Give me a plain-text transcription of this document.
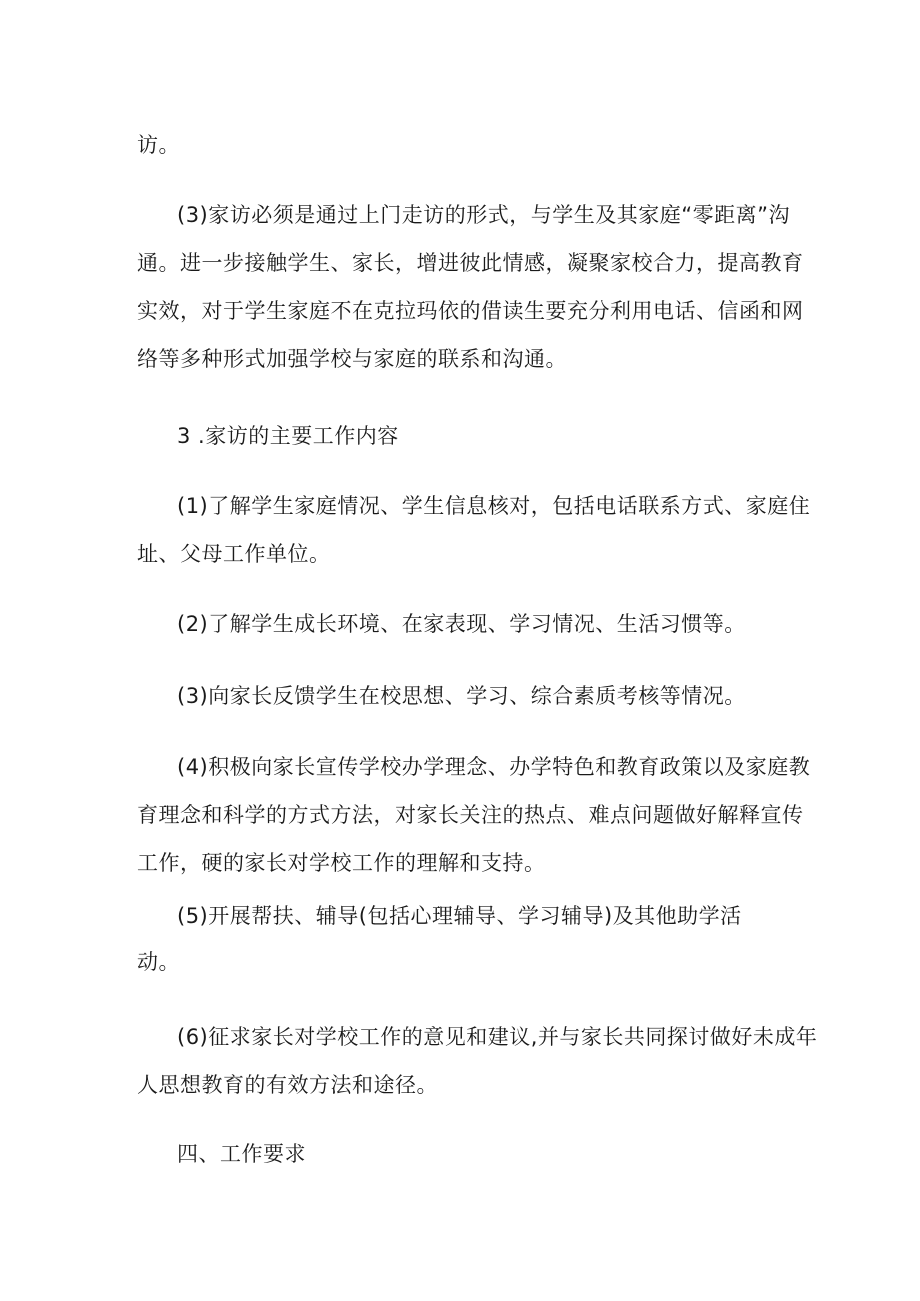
访。
(3)家访必须是通过上门走访的形式，与学生及其家庭“零距离”沟
通。进一步接触学生、家长，增进彼此情感，凝聚家校合力，提高教育
实效，对于学生家庭不在克拉玛依的借读生要充分利用电话、信函和网
络等多种形式加强学校与家庭的联系和沟通。
3 .家访的主要工作内容
(1)了解学生家庭情况、学生信息核对，包括电话联系方式、家庭住
址、父母工作单位。
(2)了解学生成长环境、在家表现、学习情况、生活习惯等。
(3)向家长反馈学生在校思想、学习、综合素质考核等情况。
(4)积极向家长宣传学校办学理念、办学特色和教育政策以及家庭教
育理念和科学的方式方法，对家长关注的热点、难点问题做好解释宣传
工作，硬的家长对学校工作的理解和支持。
(5)开展帮扶、辅导(包括心理辅导、学习辅导)及其他助学活
动。
(6)征求家长对学校工作的意见和建议,并与家长共同探讨做好未成年
人思想教育的有效方法和途径。
四、工作要求
